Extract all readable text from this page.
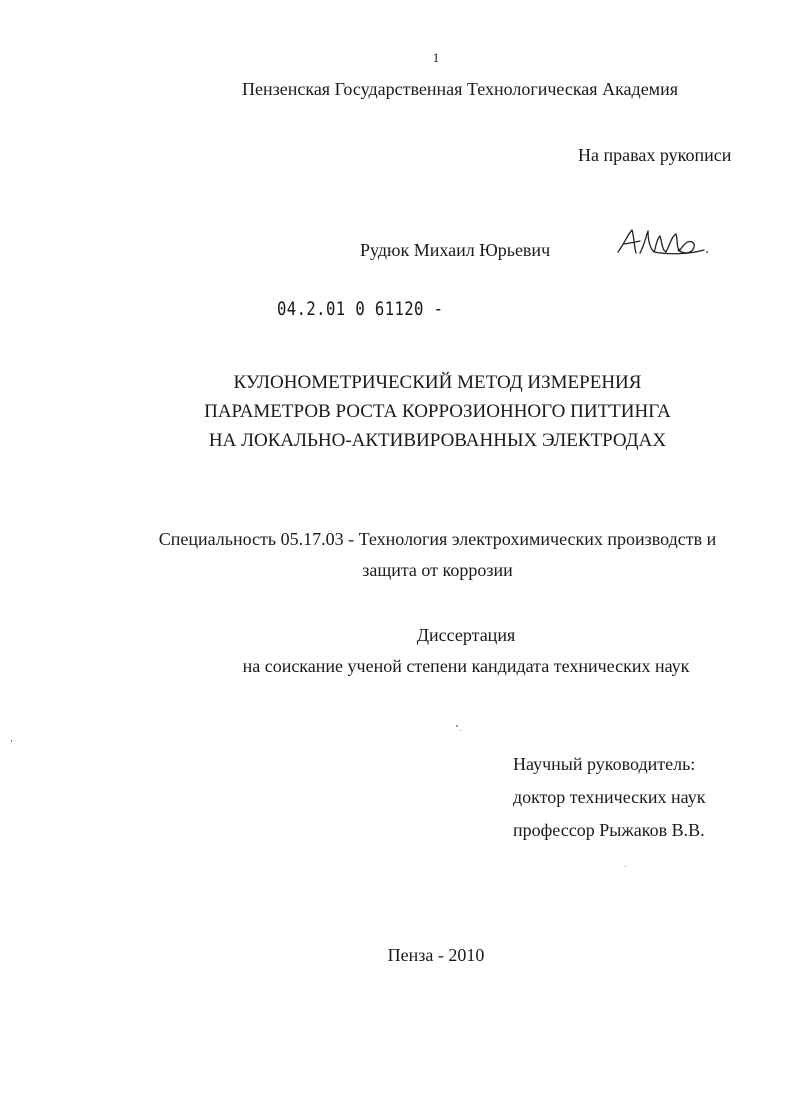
1
Пензенская Государственная Технологическая Академия
На правах рукописи
Рудюк Михаил Юрьевич
04.2.01 0 61120 -
КУЛОНОМЕТРИЧЕСКИЙ МЕТОД ИЗМЕРЕНИЯ
ПАРАМЕТРОВ РОСТА КОРРОЗИОННОГО ПИТТИНГА
НА ЛОКАЛЬНО-АКТИВИРОВАННЫХ ЭЛЕКТРОДАХ
Специальность 05.17.03 - Технология электрохимических производств и
защита от коррозии
Диссертация
на соискание ученой степени кандидата технических наук
Научный руководитель:
доктор технических наук
профессор Рыжаков В.В.
Пенза - 2010
